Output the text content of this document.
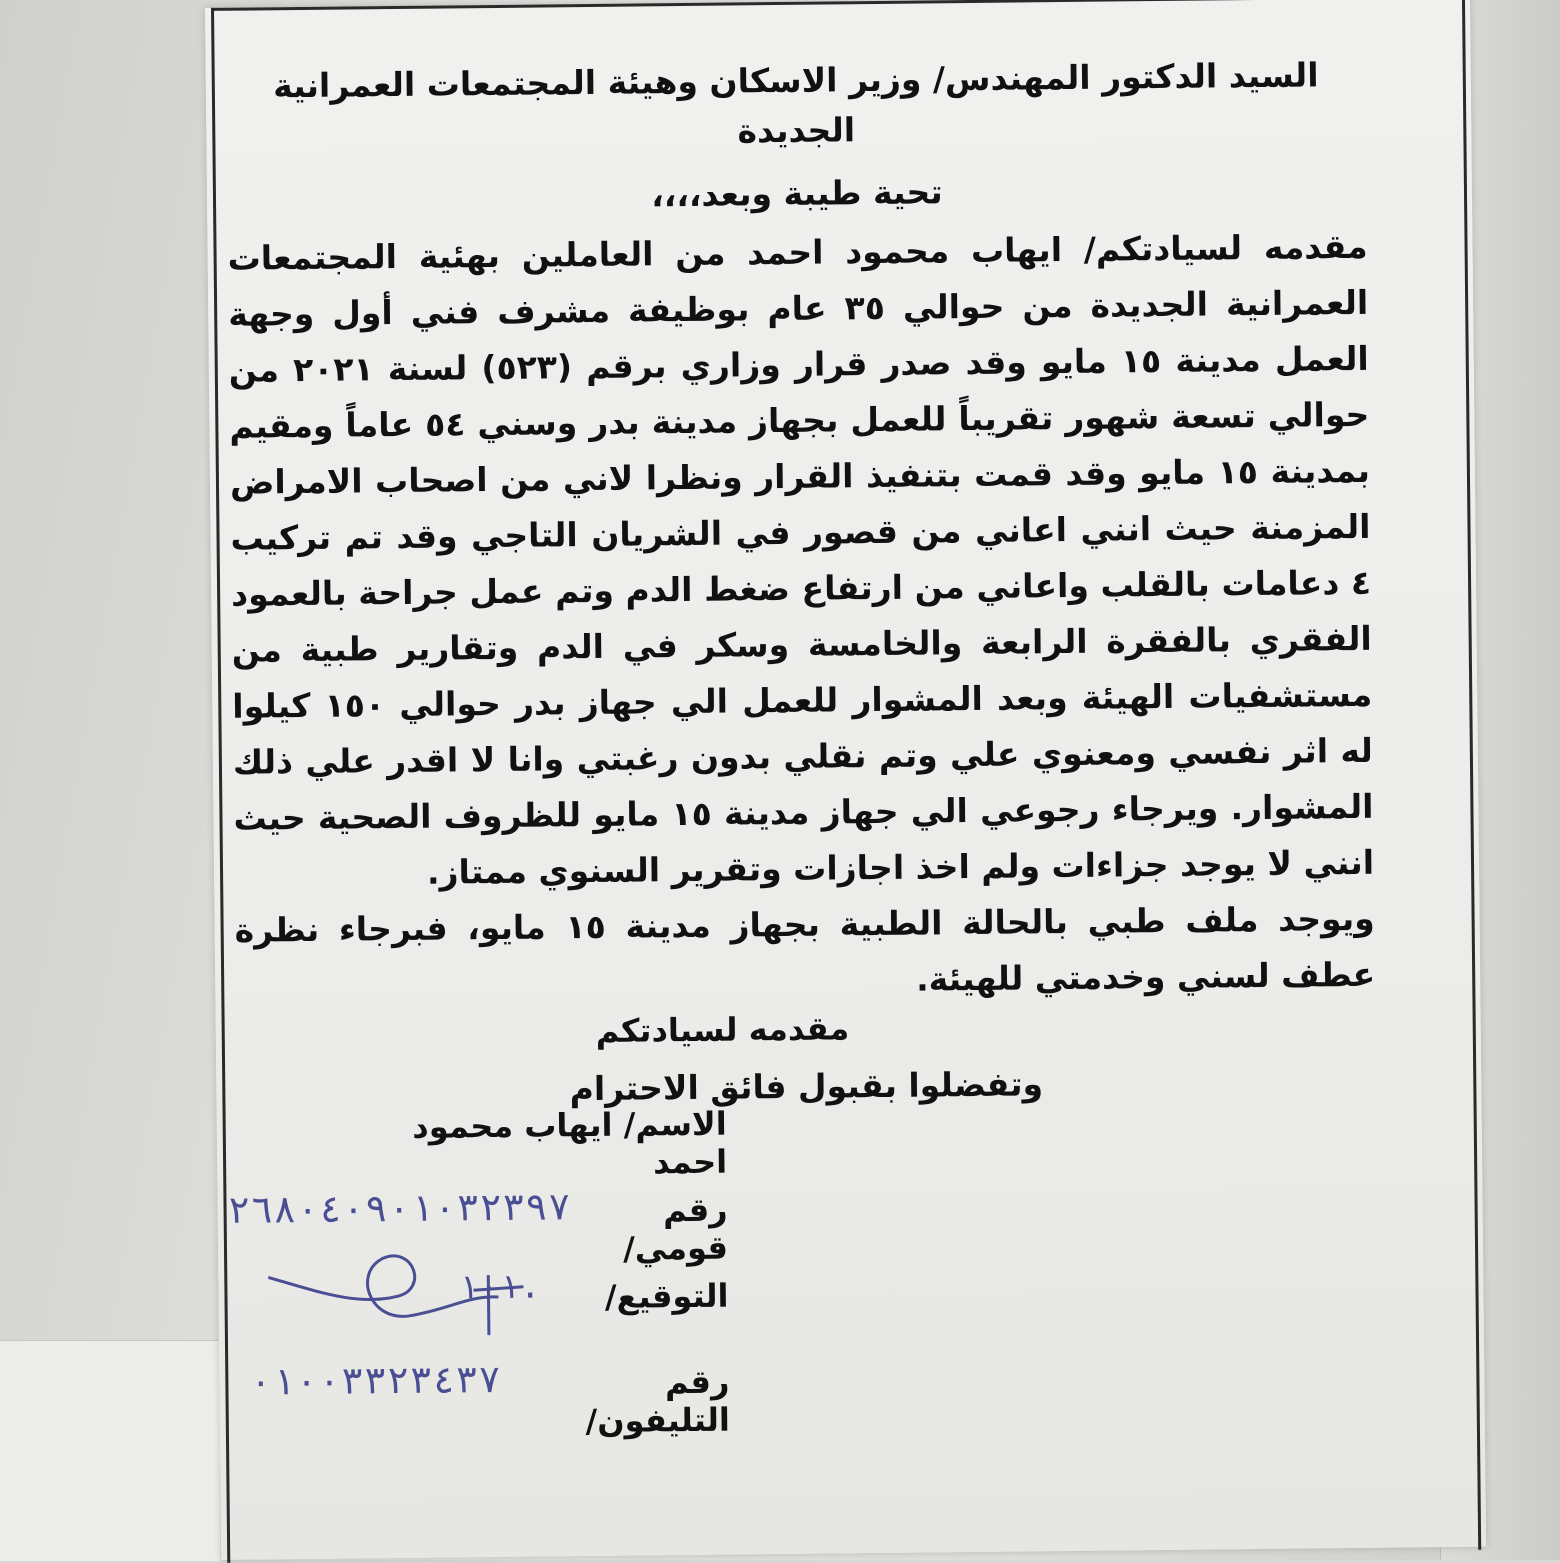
السيد الدكتور المهندس/ وزير الاسكان وهيئة المجتمعات العمرانية الجديدة
تحية طيبة وبعد،،،،

مقدمه لسيادتكم/ ايهاب محمود احمد من العاملين بهئية المجتمعات العمرانية الجديدة من حوالي ٣٥ عام بوظيفة مشرف فني أول وجهة العمل مدينة ١٥ مايو وقد صدر قرار وزاري برقم (٥٢٣) لسنة ٢٠٢١ من حوالي تسعة شهور تقريباً للعمل بجهاز مدينة بدر وسني ٥٤ عاماً ومقيم بمدينة ١٥ مايو وقد قمت بتنفيذ القرار ونظرا لاني من اصحاب الامراض المزمنة حيث انني اعاني من قصور في الشريان التاجي وقد تم تركيب ٤ دعامات بالقلب واعاني من ارتفاع ضغط الدم وتم عمل جراحة بالعمود الفقري بالفقرة الرابعة والخامسة وسكر في الدم وتقارير طبية من مستشفيات الهيئة وبعد المشوار للعمل الي جهاز بدر حوالي ١٥٠ كيلوا له اثر نفسي ومعنوي علي وتم نقلي بدون رغبتي وانا لا اقدر علي ذلك المشوار. ويرجاء رجوعي الي جهاز مدينة ١٥ مايو للظروف الصحية حيث انني لا يوجد جزاءات ولم اخذ اجازات وتقرير السنوي ممتاز.

ويوجد ملف طبي بالحالة الطبية بجهاز مدينة ١٥ مايو، فبرجاء نظرة عطف لسني وخدمتي للهيئة.

وتفضلوا بقبول فائق الاحترام
مقدمه لسيادتكم
الاسم/ ايهاب محمود احمد
رقم قومي/
٢٦٨٠٤٠٩٠١٠٣٢٣٩٧
التوقيع/
١٠١.
رقم التليفون/
٠١٠٠٣٣٢٣٤٣٧
